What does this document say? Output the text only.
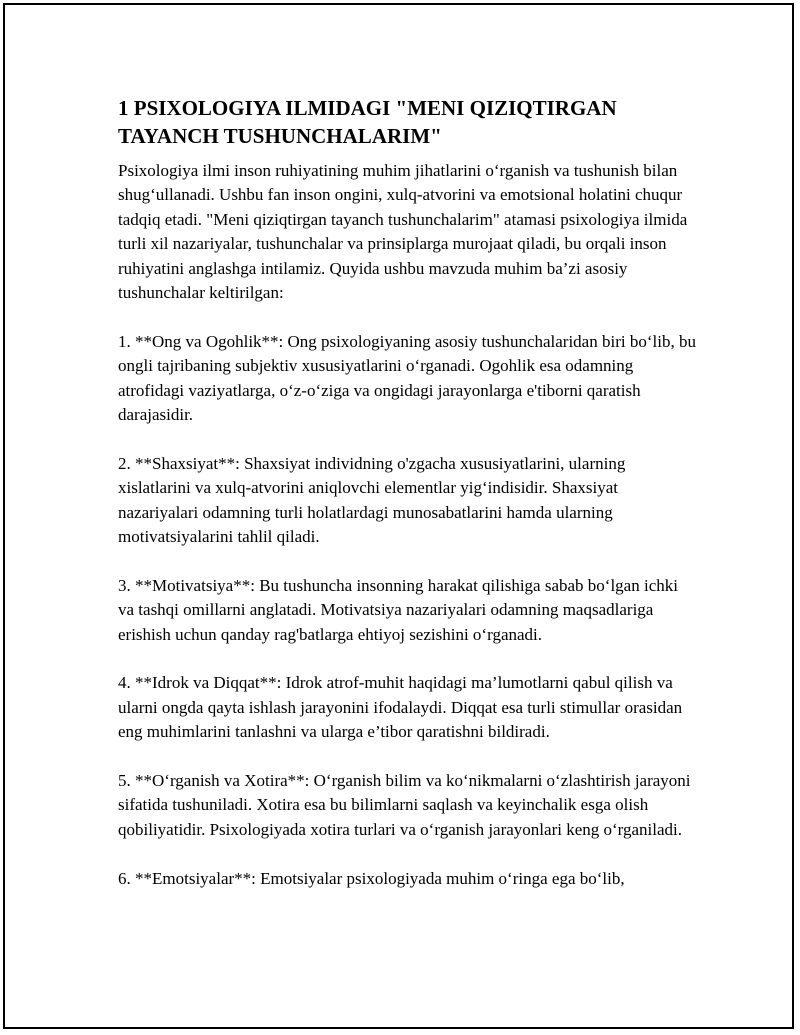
1 PSIXOLOGIYA ILMIDAGI "MENI QIZIQTIRGAN TAYANCH TUSHUNCHALARIM"

Psixologiya ilmi inson ruhiyatining muhim jihatlarini o‘rganish va tushunish bilan shug‘ullanadi. Ushbu fan inson ongini, xulq-atvorini va emotsional holatini chuqur tadqiq etadi. "Meni qiziqtirgan tayanch tushunchalarim" atamasi psixologiya ilmida turli xil nazariyalar, tushunchalar va prinsiplarga murojaat qiladi, bu orqali inson ruhiyatini anglashga intilamiz. Quyida ushbu mavzuda muhim ba’zi asosiy tushunchalar keltirilgan:

1. **Ong va Ogohlik**: Ong psixologiyaning asosiy tushunchalaridan biri bo‘lib, bu ongli tajribaning subjektiv xususiyatlarini o‘rganadi. Ogohlik esa odamning atrofidagi vaziyatlarga, o‘z-o‘ziga va ongidagi jarayonlarga e'tiborni qaratish darajasidir.

2. **Shaxsiyat**: Shaxsiyat individning o'zgacha xususiyatlarini, ularning xislatlarini va xulq-atvorini aniqlovchi elementlar yig‘indisidir. Shaxsiyat nazariyalari odamning turli holatlardagi munosabatlarini hamda ularning motivatsiyalarini tahlil qiladi.

3. **Motivatsiya**: Bu tushuncha insonning harakat qilishiga sabab bo‘lgan ichki va tashqi omillarni anglatadi. Motivatsiya nazariyalari odamning maqsadlariga erishish uchun qanday rag'batlarga ehtiyoj sezishini o‘rganadi.

4. **Idrok va Diqqat**: Idrok atrof-muhit haqidagi ma’lumotlarni qabul qilish va ularni ongda qayta ishlash jarayonini ifodalaydi. Diqqat esa turli stimullar orasidan eng muhimlarini tanlashni va ularga e’tibor qaratishni bildiradi.

5. **O‘rganish va Xotira**: O‘rganish bilim va ko‘nikmalarni o‘zlashtirish jarayoni sifatida tushuniladi. Xotira esa bu bilimlarni saqlash va keyinchalik esga olish qobiliyatidir. Psixologiyada xotira turlari va o‘rganish jarayonlari keng o‘rganiladi.

6. **Emotsiyalar**: Emotsiyalar psixologiyada muhim o‘ringa ega bo‘lib,
